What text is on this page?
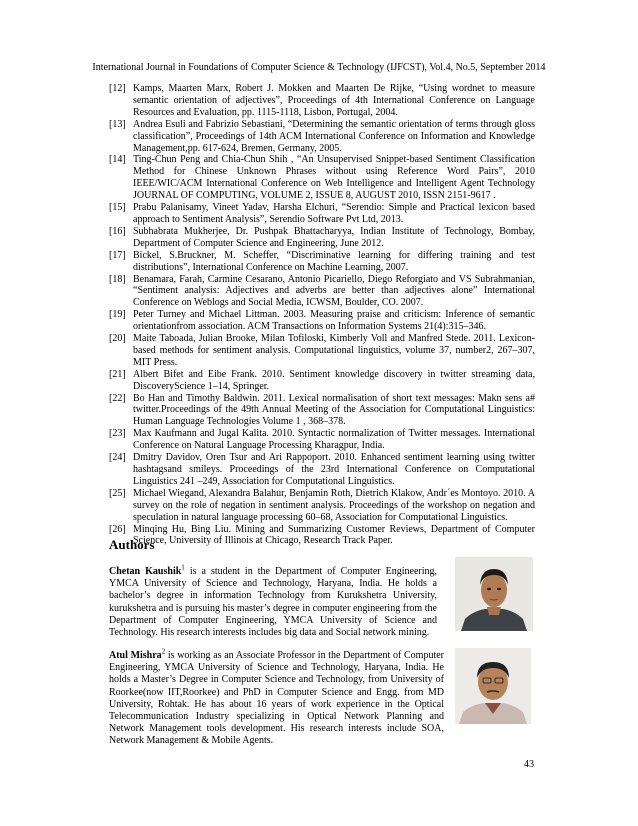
International Journal in Foundations of Computer Science & Technology (IJFCST), Vol.4, No.5, September 2014
[12] Kamps, Maarten Marx, Robert J. Mokken and Maarten De Rijke, “Using wordnet to measure semantic orientation of adjectives”, Proceedings of 4th International Conference on Language Resources and Evaluation, pp. 1115-1118, Lisbon, Portugal, 2004.
[13] Andrea Esuli and Fabrizio Sebastiani, “Determining the semantic orientation of terms through gloss classification”, Proceedings of 14th ACM International Conference on Information and Knowledge Management,pp. 617-624, Bremen, Germany, 2005.
[14] Ting-Chun Peng and Chia-Chun Shih , “An Unsupervised Snippet-based Sentiment Classification Method for Chinese Unknown Phrases without using Reference Word Pairs”, 2010 IEEE/WIC/ACM International Conference on Web Intelligence and Intelligent Agent Technology JOURNAL OF COMPUTING, VOLUME 2, ISSUE 8, AUGUST 2010, ISSN 2151-9617 .
[15] Prabu Palanisamy, Vineet Yadav, Harsha Elchuri, “Serendio: Simple and Practical lexicon based approach to Sentiment Analysis”, Serendio Software Pvt Ltd, 2013.
[16] Subhabrata Mukherjee, Dr. Pushpak Bhattacharyya, Indian Institute of Technology, Bombay, Department of Computer Science and Engineering, June 2012.
[17] Bickel, S.Bruckner, M. Scheffer, “Discriminative learning for differing training and test distributions”, International Conference on Machine Learning, 2007.
[18] Benamara, Farah, Carmine Cesarano, Antonio Picariello, Diego Reforgiato and VS Subrahmanian, “Sentiment analysis: Adjectives and adverbs are better than adjectives alone” International Conference on Weblogs and Social Media, ICWSM, Boulder, CO. 2007.
[19] Peter Turney and Michael Littman. 2003. Measuring praise and criticism: Inference of semantic orientationfrom association. ACM Transactions on Information Systems 21(4):315–346.
[20] Maite Taboada, Julian Brooke, Milan Tofiloski, Kimberly Voll and Manfred Stede. 2011. Lexicon-based methods for sentiment analysis. Computational linguistics, volume 37, number2, 267–307, MIT Press.
[21] Albert Bifet and Eibe Frank. 2010. Sentiment knowledge discovery in twitter streaming data, DiscoveryScience 1–14, Springer.
[22] Bo Han and Timothy Baldwin. 2011. Lexical normalisation of short text messages: Makn sens a# twitter.Proceedings of the 49th Annual Meeting of the Association for Computational Linguistics: Human Language Technologies Volume 1 , 368–378.
[23] Max Kaufmann and Jugal Kalita. 2010. Syntactic normalization of Twitter messages. International Conference on Natural Language Processing Kharagpur, India.
[24] Dmitry Davidov, Oren Tsur and Ari Rappoport. 2010. Enhanced sentiment learning using twitter hashtagsand smileys. Proceedings of the 23rd International Conference on Computational Linguistics 241 –249, Association for Computational Linguistics.
[25] Michael Wiegand, Alexandra Balahur, Benjamin Roth, Dietrich Klakow, Andr´es Montoyo. 2010. A survey on the role of negation in sentiment analysis. Proceedings of the workshop on negation and speculation in natural language processing 60–68, Association for Computational Linguistics.
[26] Minqing Hu, Bing Liu. Mining and Summarizing Customer Reviews, Department of Computer Science, University of Illinois at Chicago, Research Track Paper.
Authors
Chetan Kaushik$^1$ is a student in the Department of Computer Engineering, YMCA University of Science and Technology, Haryana, India. He holds a bachelor’s degree in information Technology from Kurukshetra University, kurukshetra and is pursuing his master’s degree in computer engineering from the Department of Computer Engineering, YMCA University of Science and Technology. His research interests includes big data and Social network mining.
Atul Mishra$^2$ is working as an Associate Professor in the Department of Computer Engineering, YMCA University of Science and Technology, Haryana, India. He holds a Master’s Degree in Computer Science and Technology, from University of Roorkee(now IIT,Roorkee) and PhD in Computer Science and Engg. from MD University, Rohtak. He has about 16 years of work experience in the Optical Telecommunication Industry specializing in Optical Network Planning and Network Management tools development. His research interests include SOA, Network Management & Mobile Agents.
43
